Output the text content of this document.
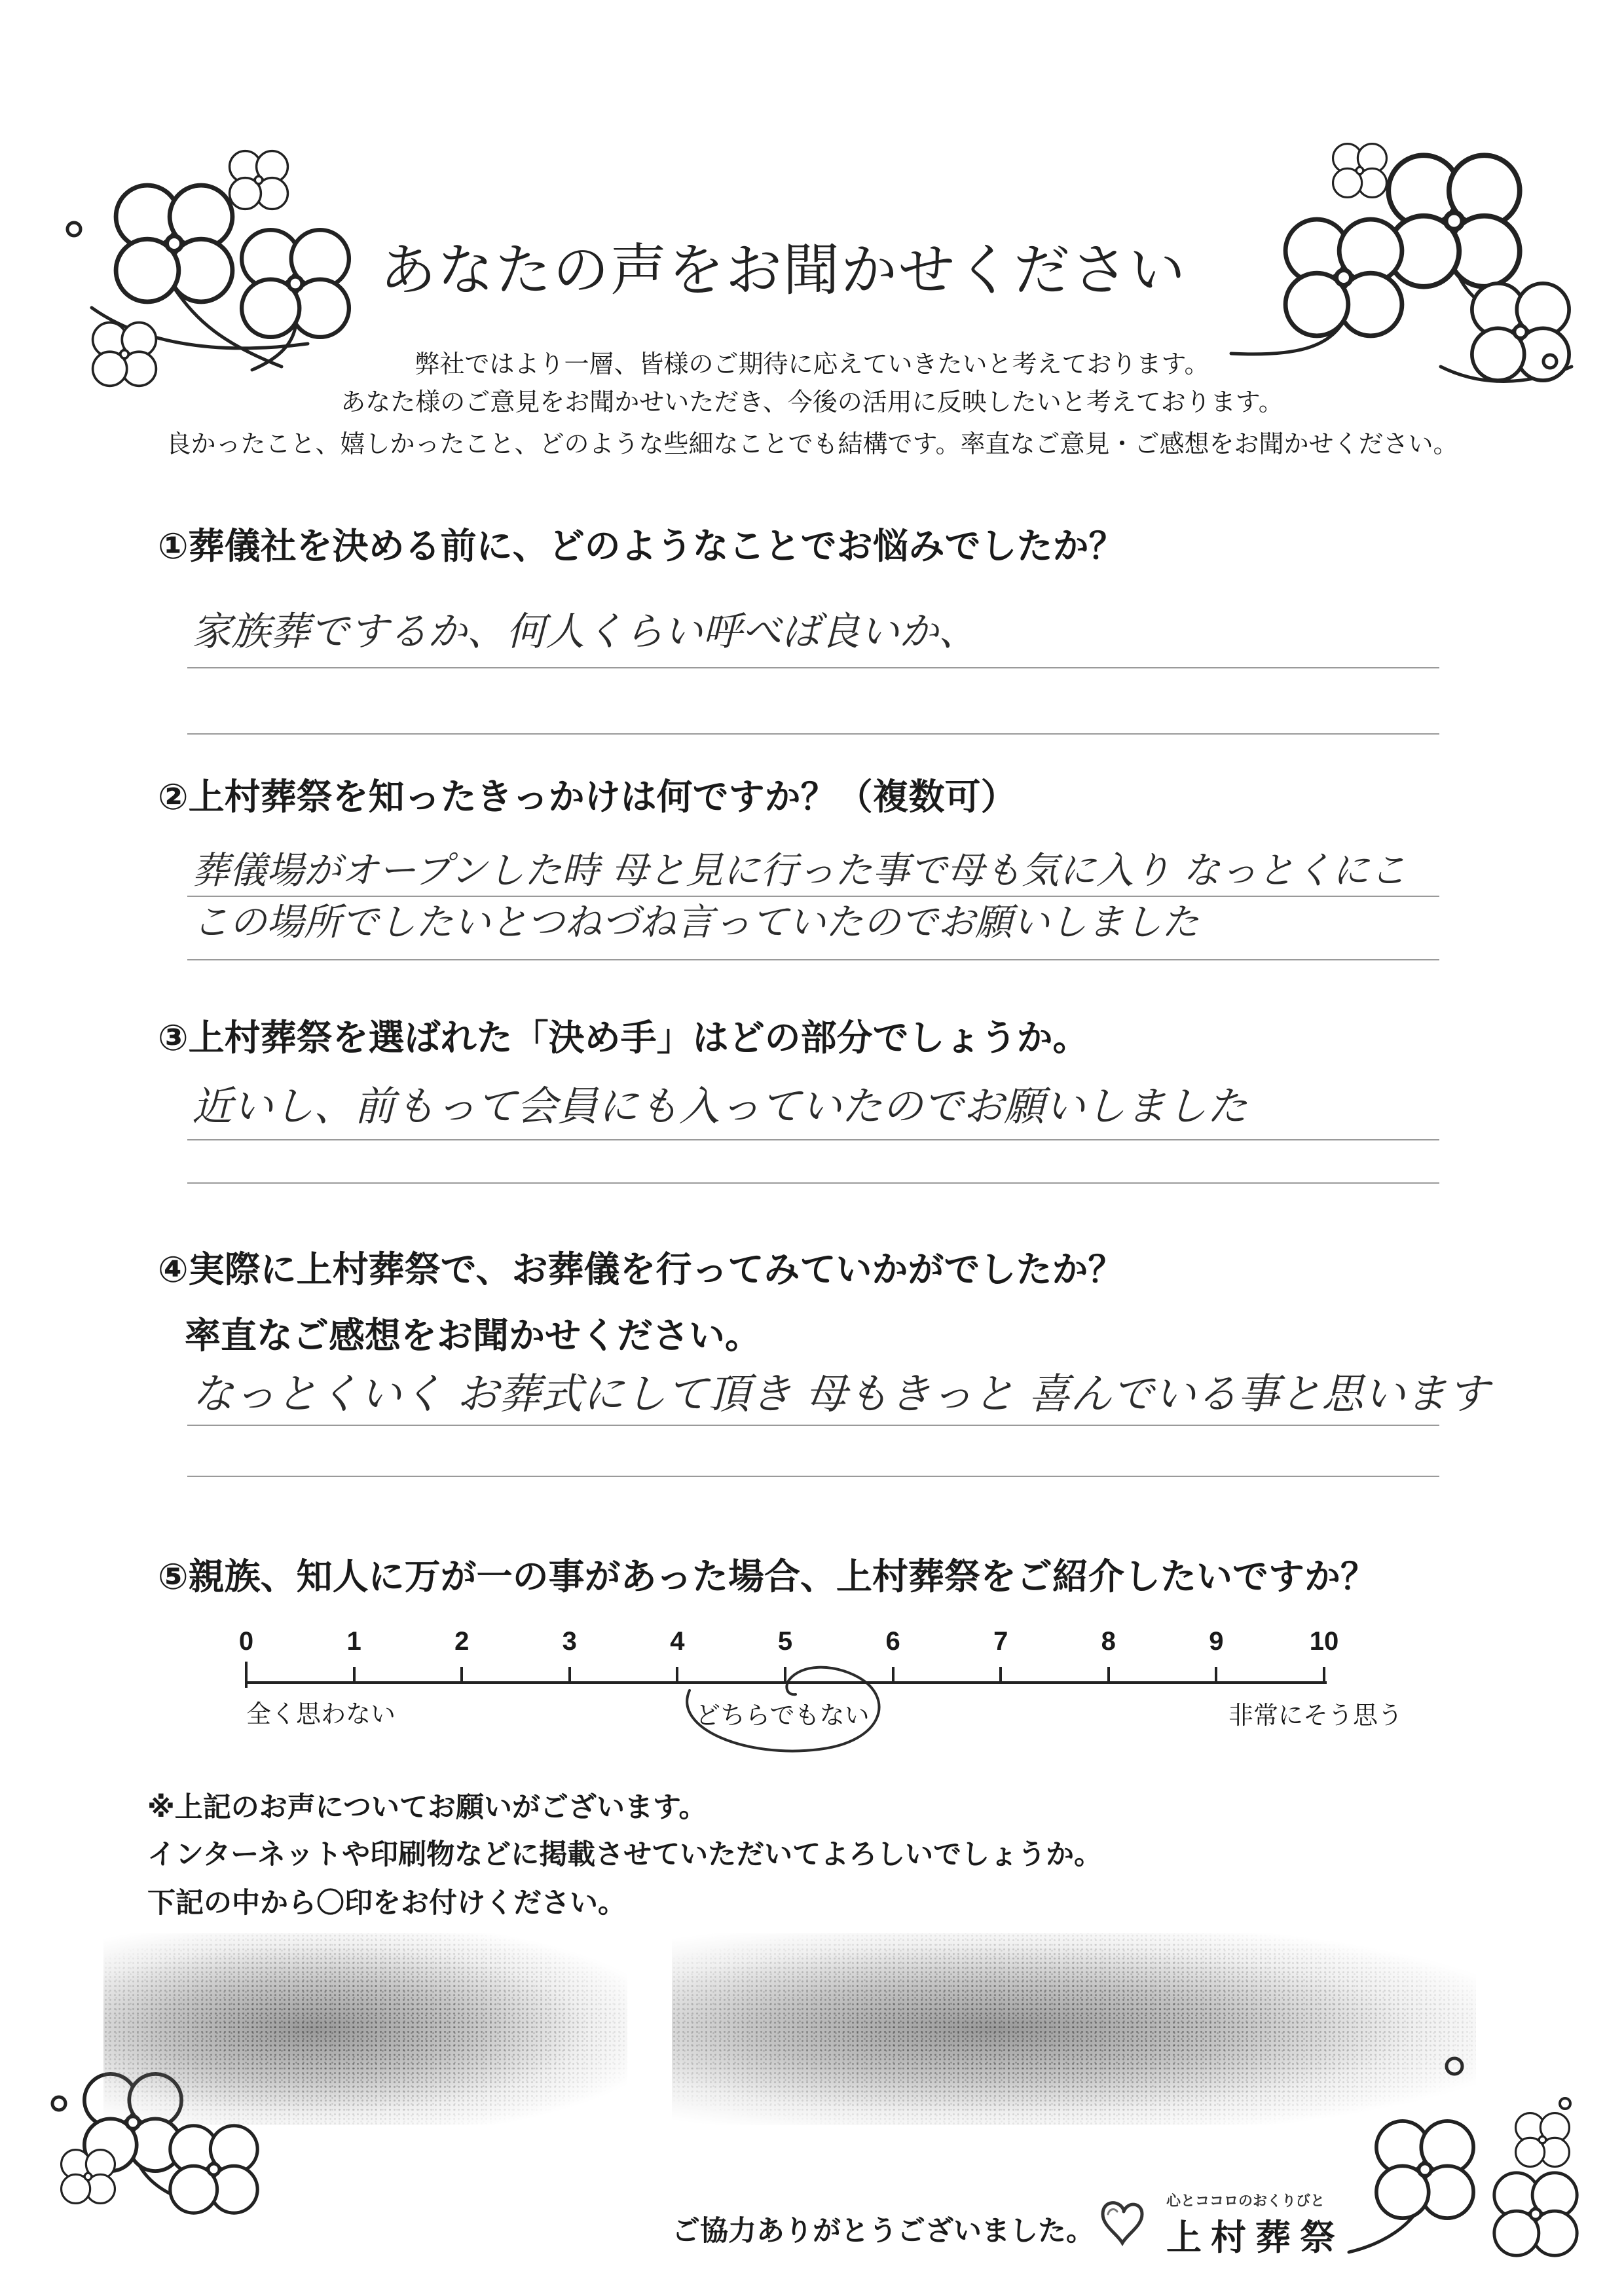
あなたの声をお聞かせください
弊社ではより一層、皆様のご期待に応えていきたいと考えております。
あなた様のご意見をお聞かせいただき、今後の活用に反映したいと考えております。
良かったこと、嬉しかったこと、どのような些細なことでも結構です。率直なご意見・ご感想をお聞かせください。
①葬儀社を決める前に、どのようなことでお悩みでしたか？
家族葬でするか、何人くらい呼べば良いか、
②上村葬祭を知ったきっかけは何ですか？（複数可）
葬儀場がオープンした時 母と見に行った事で母も気に入り なっとくにこ
この場所でしたいとつねづね言っていたのでお願いしました
③上村葬祭を選ばれた「決め手」はどの部分でしょうか。
近いし、前もって会員にも入っていたのでお願いしました
④実際に上村葬祭で、お葬儀を行ってみていかがでしたか？
率直なご感想をお聞かせください。
なっとくいく お葬式にして頂き 母もきっと 喜んでいる事と思います
⑤親族、知人に万が一の事があった場合、上村葬祭をご紹介したいですか？
全く思わない	どちらでもない	非常にそう思う
※上記のお声についてお願いがございます。
インターネットや印刷物などに掲載させていただいてよろしいでしょうか。
下記の中から〇印をお付けください。
ご協力ありがとうございました。
心とココロのおくりびと
上村葬祭
0	1	2	3	4	5	6	7	8	9	10
